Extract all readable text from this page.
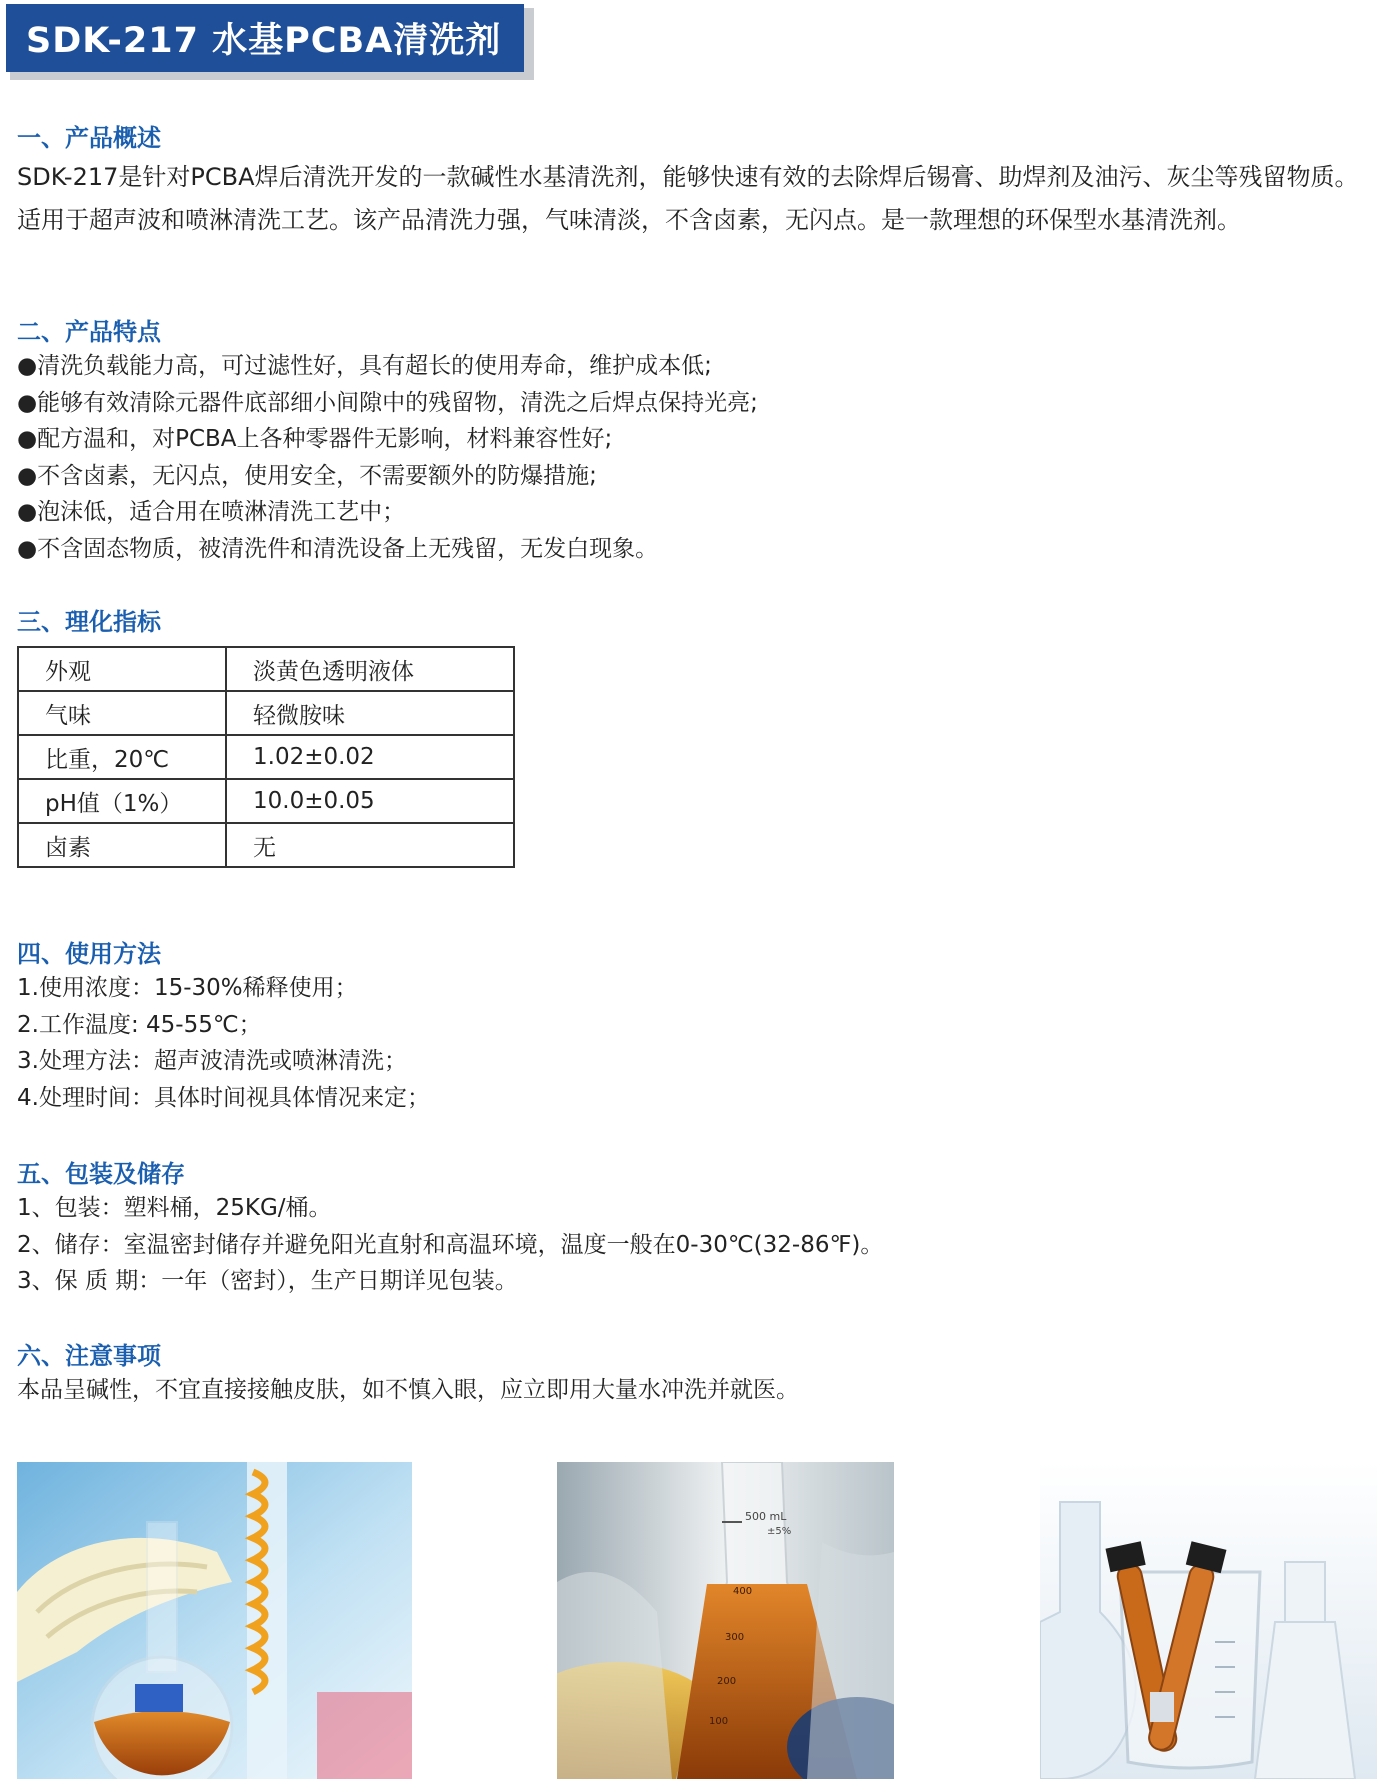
SDK-217 水基PCBA清洗剂
一、产品概述
SDK-217是针对PCBA焊后清洗开发的一款碱性水基清洗剂，能够快速有效的去除焊后锡膏、助焊剂及油污、灰尘等残留物质。适用于超声波和喷淋清洗工艺。该产品清洗力强，气味清淡，不含卤素，无闪点。是一款理想的环保型水基清洗剂。
二、产品特点
●清洗负载能力高，可过滤性好，具有超长的使用寿命，维护成本低;
●能够有效清除元器件底部细小间隙中的残留物，清洗之后焊点保持光亮;
●配方温和，对PCBA上各种零器件无影响，材料兼容性好;
●不含卤素，无闪点，使用安全，不需要额外的防爆措施;
●泡沫低，适合用在喷淋清洗工艺中；
●不含固态物质，被清洗件和清洗设备上无残留，无发白现象。
三、理化指标
外观	淡黄色透明液体
气味	轻微胺味
比重，20℃	1.02±0.02
pH值（1%）	10.0±0.05
卤素	无
四、使用方法
1.使用浓度：15-30%稀释使用；
2.工作温度: 45-55℃；
3.处理方法：超声波清洗或喷淋清洗；
4.处理时间：具体时间视具体情况来定；
五、包装及储存
1、包装：塑料桶，25KG/桶。
2、储存：室温密封储存并避免阳光直射和高温环境，温度一般在0-30℃(32-86℉)。
3、保 质 期：一年（密封），生产日期详见包装。
六、注意事项
本品呈碱性，不宜直接接触皮肤，如不慎入眼，应立即用大量水冲洗并就医。
500 mL
±5%
400
300
200
100
